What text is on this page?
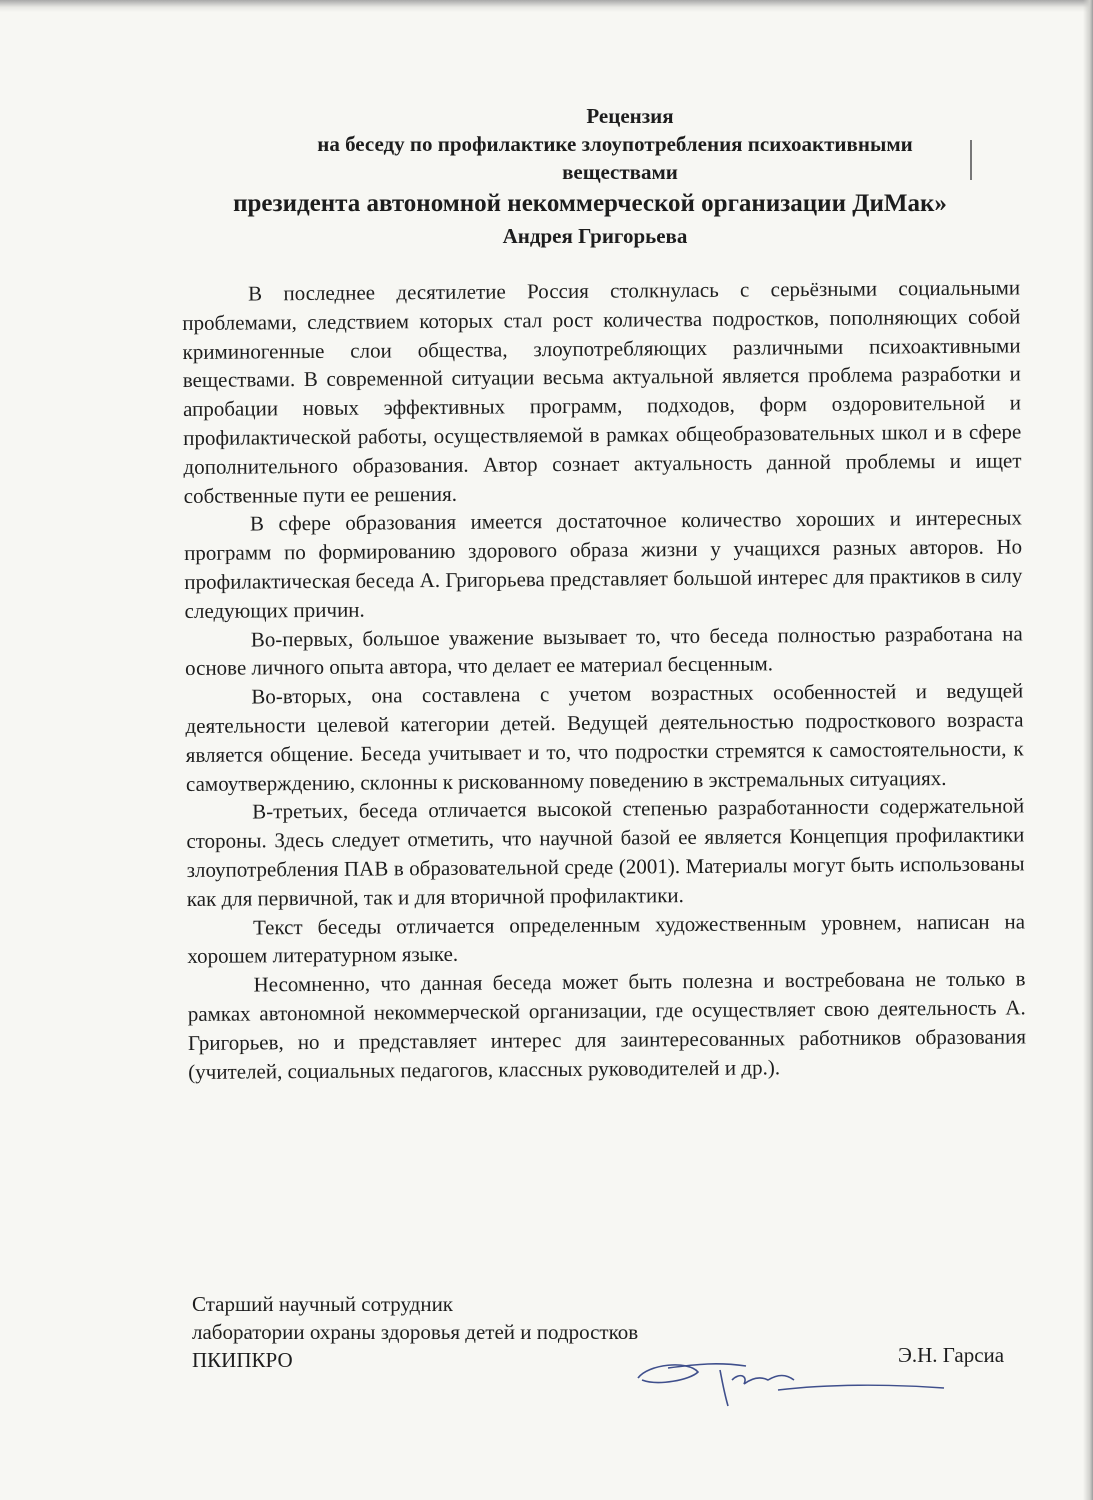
Рецензия
на беседу по профилактике злоупотребления психоактивными
веществами
президента автономной некоммерческой организации ДиМак»
Андрея Григорьева

В последнее десятилетие Россия столкнулась с серьёзными социальными проблемами, следствием которых стал рост количества подростков, пополняющих собой криминогенные слои общества, злоупотребляющих различными психоактивными веществами. В современной ситуации весьма актуальной является проблема разработки и апробации новых эффективных программ, подходов, форм оздоровительной и профилактической работы, осуществляемой в рамках общеобразовательных школ и в сфере дополнительного образования. Автор сознает актуальность данной проблемы и ищет собственные пути ее решения.

В сфере образования имеется достаточное количество хороших и интересных программ по формированию здорового образа жизни у учащихся разных авторов. Но профилактическая беседа А. Григорьева представляет большой интерес для практиков в силу следующих причин.

Во-первых, большое уважение вызывает то, что беседа полностью разработана на основе личного опыта автора, что делает ее материал бесценным.

Во-вторых, она составлена с учетом возрастных особенностей и ведущей деятельности целевой категории детей. Ведущей деятельностью подросткового возраста является общение. Беседа учитывает и то, что подростки стремятся к самостоятельности, к самоутверждению, склонны к рискованному поведению в экстремальных ситуациях.

В-третьих, беседа отличается высокой степенью разработанности содержательной стороны. Здесь следует отметить, что научной базой ее является Концепция профилактики злоупотребления ПАВ в образовательной среде (2001). Материалы могут быть использованы как для первичной, так и для вторичной профилактики.

Текст беседы отличается определенным художественным уровнем, написан на хорошем литературном языке.

Несомненно, что данная беседа может быть полезна и востребована не только в рамках автономной некоммерческой организации, где осуществляет свою деятельность А. Григорьев, но и представляет интерес для заинтересованных работников образования (учителей, социальных педагогов, классных руководителей и др.).

Старший научный сотрудник
лаборатории охраны здоровья детей и подростков
ПКИПКРО	Э.Н. Гарсиа
